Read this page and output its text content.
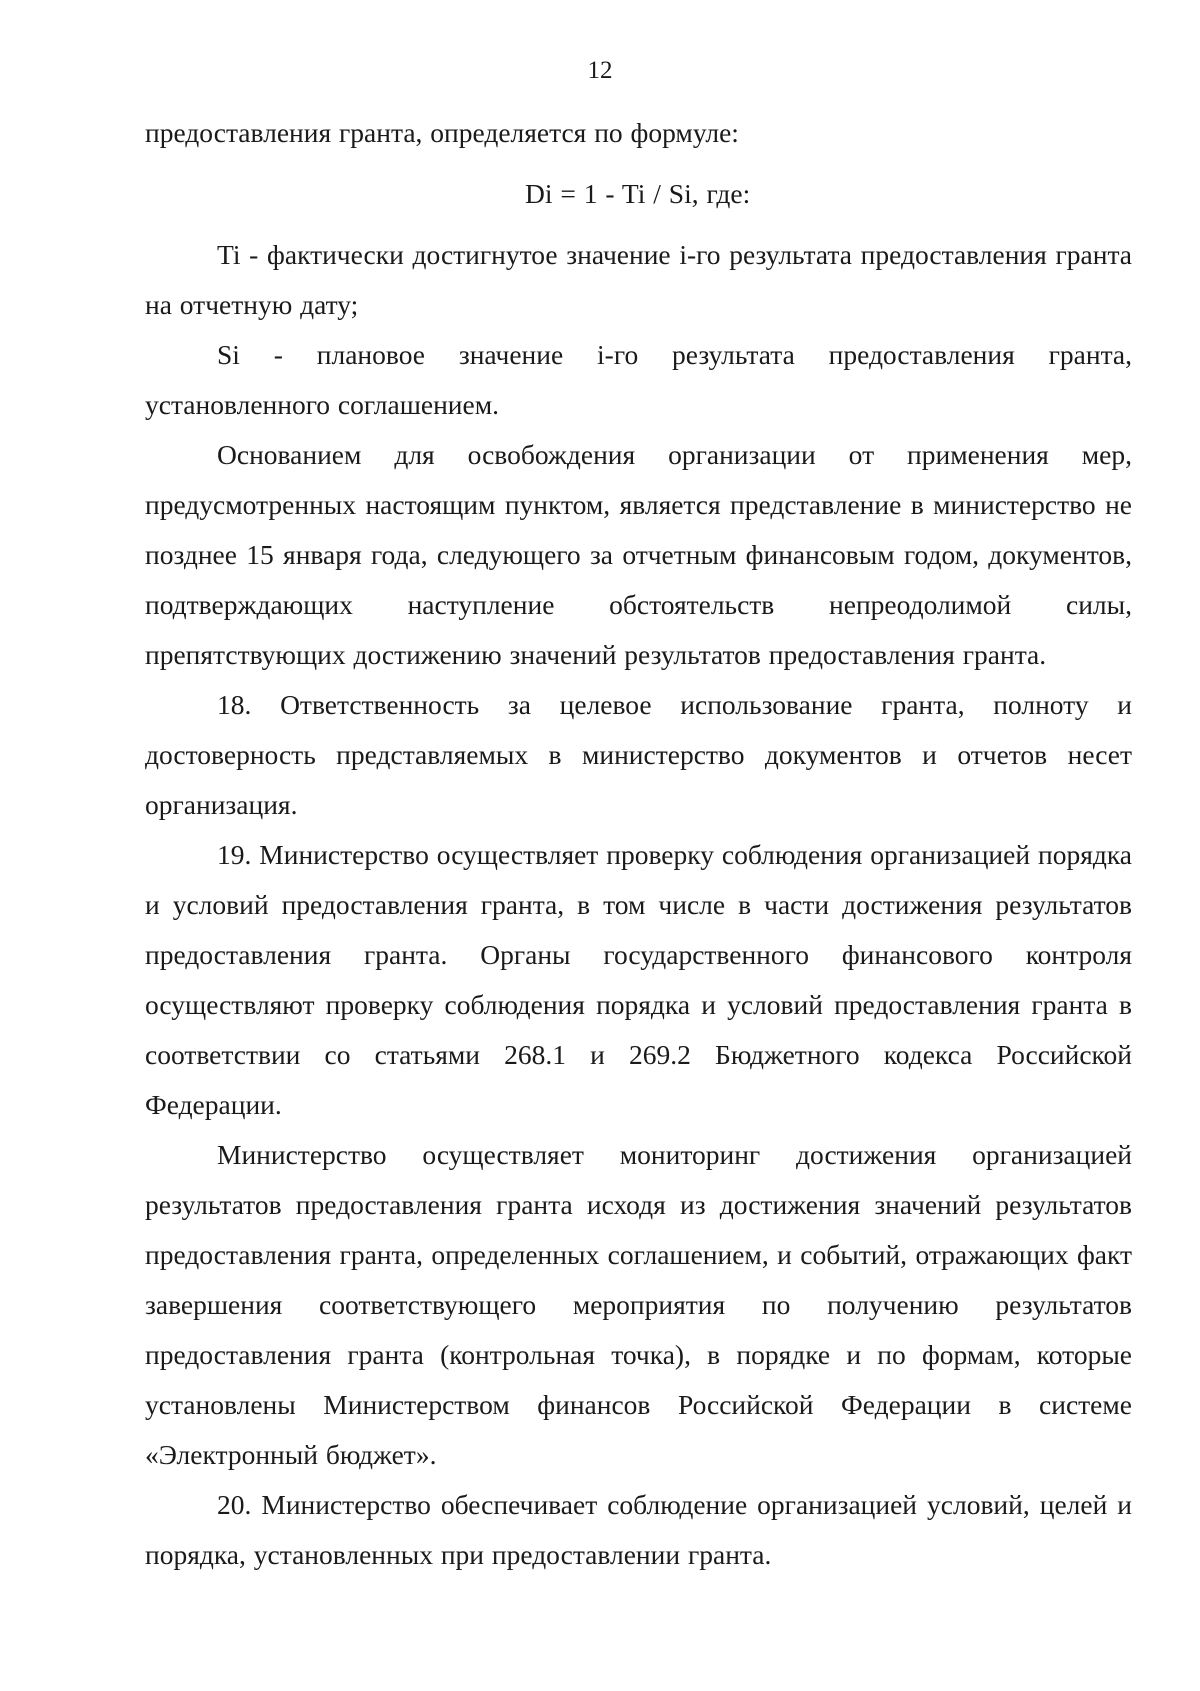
12

предоставления гранта, определяется по формуле:

Di = 1 - Ti / Si, где:

Ti - фактически достигнутое значение i-го результата предоставления гранта на отчетную дату;

Si - плановое значение i-го результата предоставления гранта, установленного соглашением.

Основанием для освобождения организации от применения мер, предусмотренных настоящим пунктом, является представление в министерство не позднее 15 января года, следующего за отчетным финансовым годом, документов, подтверждающих наступление обстоятельств непреодолимой силы, препятствующих достижению значений результатов предоставления гранта.

18. Ответственность за целевое использование гранта, полноту и достоверность представляемых в министерство документов и отчетов несет организация.

19. Министерство осуществляет проверку соблюдения организацией порядка и условий предоставления гранта, в том числе в части достижения результатов предоставления гранта. Органы государственного финансового контроля осуществляют проверку соблюдения порядка и условий предоставления гранта в соответствии со статьями 268.1 и 269.2 Бюджетного кодекса Российской Федерации.

Министерство осуществляет мониторинг достижения организацией результатов предоставления гранта исходя из достижения значений результатов предоставления гранта, определенных соглашением, и событий, отражающих факт завершения соответствующего мероприятия по получению результатов предоставления гранта (контрольная точка), в порядке и по формам, которые установлены Министерством финансов Российской Федерации в системе «Электронный бюджет».

20. Министерство обеспечивает соблюдение организацией условий, целей и порядка, установленных при предоставлении гранта.
